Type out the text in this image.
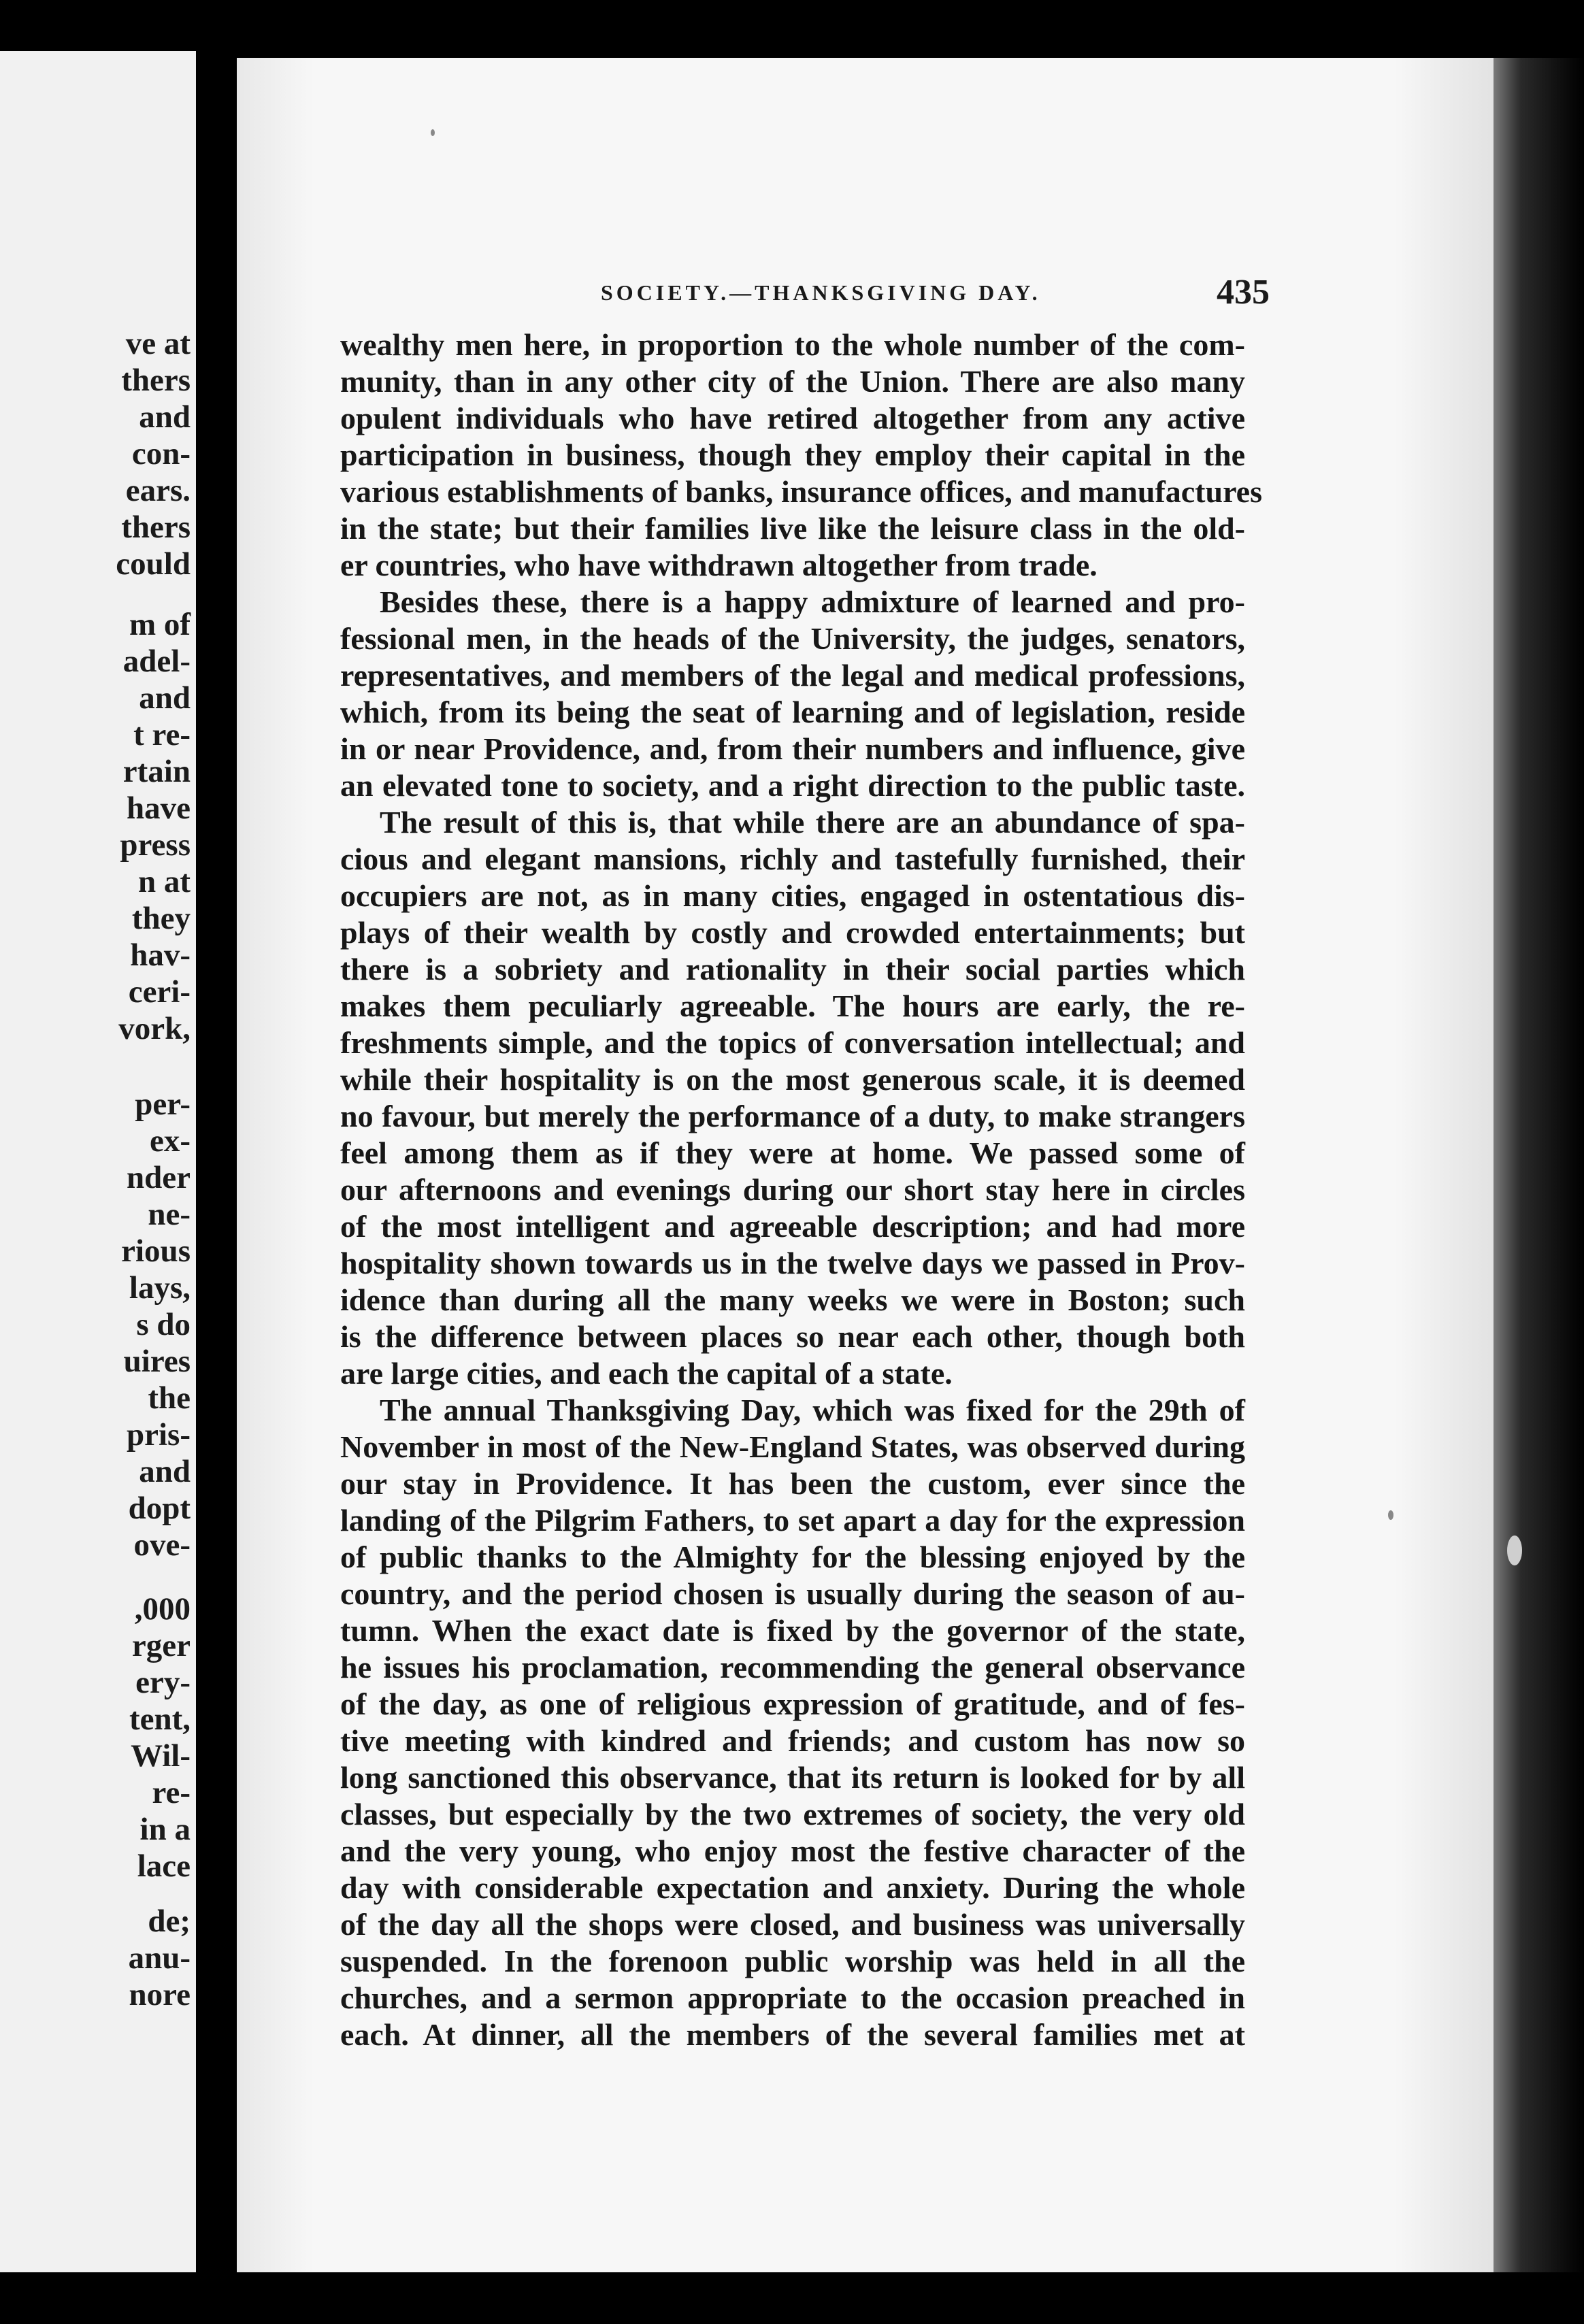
ve at
thers
and
con-
ears.
thers
could
m of
adel-
and
t re-
rtain
have
press
n at
they
hav-
ceri-
vork,
per-
ex-
nder
ne-
rious
lays,
s do
uires
the
pris-
and
dopt
ove-
,000
rger
ery-
tent,
Wil-
re-
in a
lace
de;
anu-
nore
SOCIETY.—THANKSGIVING DAY.	435
wealthy men here, in proportion to the whole number of the com-
munity, than in any other city of the Union. There are also many
opulent individuals who have retired altogether from any active
participation in business, though they employ their capital in the
various establishments of banks, insurance offices, and manufactures
in the state; but their families live like the leisure class in the old-
er countries, who have withdrawn altogether from trade.
Besides these, there is a happy admixture of learned and pro-
fessional men, in the heads of the University, the judges, senators,
representatives, and members of the legal and medical professions,
which, from its being the seat of learning and of legislation, reside
in or near Providence, and, from their numbers and influence, give
an elevated tone to society, and a right direction to the public taste.
The result of this is, that while there are an abundance of spa-
cious and elegant mansions, richly and tastefully furnished, their
occupiers are not, as in many cities, engaged in ostentatious dis-
plays of their wealth by costly and crowded entertainments; but
there is a sobriety and rationality in their social parties which
makes them peculiarly agreeable. The hours are early, the re-
freshments simple, and the topics of conversation intellectual; and
while their hospitality is on the most generous scale, it is deemed
no favour, but merely the performance of a duty, to make strangers
feel among them as if they were at home. We passed some of
our afternoons and evenings during our short stay here in circles
of the most intelligent and agreeable description; and had more
hospitality shown towards us in the twelve days we passed in Prov-
idence than during all the many weeks we were in Boston; such
is the difference between places so near each other, though both
are large cities, and each the capital of a state.
The annual Thanksgiving Day, which was fixed for the 29th of
November in most of the New-England States, was observed during
our stay in Providence. It has been the custom, ever since the
landing of the Pilgrim Fathers, to set apart a day for the expression
of public thanks to the Almighty for the blessing enjoyed by the
country, and the period chosen is usually during the season of au-
tumn. When the exact date is fixed by the governor of the state,
he issues his proclamation, recommending the general observance
of the day, as one of religious expression of gratitude, and of fes-
tive meeting with kindred and friends; and custom has now so
long sanctioned this observance, that its return is looked for by all
classes, but especially by the two extremes of society, the very old
and the very young, who enjoy most the festive character of the
day with considerable expectation and anxiety. During the whole
of the day all the shops were closed, and business was universally
suspended. In the forenoon public worship was held in all the
churches, and a sermon appropriate to the occasion preached in
each. At dinner, all the members of the several families met at
